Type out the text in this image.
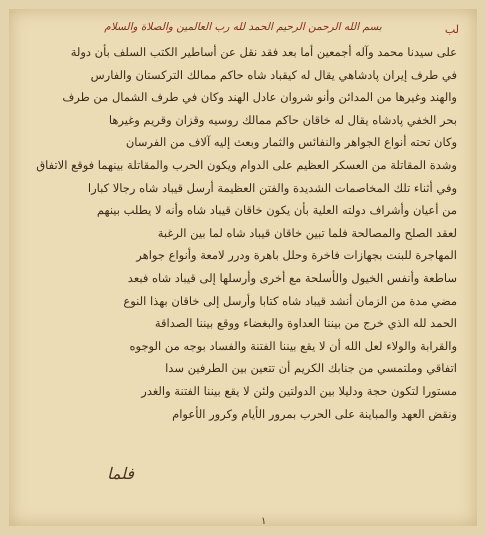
لب
بسم الله الرحمن الرحيم الحمد لله رب العالمين والصلاة والسلام
على سيدنا محمد وآله أجمعين أما بعد فقد نقل عن أساطير الكتب السلف بأن دولة
في طرف إيران پادشاهي يقال له كيقباد شاه حاكم ممالك التركستان والفارس
والهند وغيرها من المدائن وأنو شروان عادل الهند وكان في طرف الشمال من طرف
بحر الخفي پادشاه يقال له خاقان حاكم ممالك روسيه وقزان وقريم وغيرها
وكان تحته أنواع الجواهر والنفائس والثمار وبعث إليه آلاف من الفرسان
وشدة المقاتلة من العسكر العظيم على الدوام ويكون الحرب والمقاتلة بينهما فوقع الاتفاق
وفي أثناء تلك المخاصمات الشديدة والفتن العظيمة أرسل قيباد شاه رجالا كبارا
من أعيان وأشراف دولته العلية بأن يكون خاقان قيباد شاه وأنه لا يطلب بينهم
لعقد الصلح والمصالحة فلما تبين خاقان قيباد شاه لما بين الرغبة
المهاجرة للبنت بجهازات فاخرة وحلل باهرة ودرر لامعة وأنواع جواهر
ساطعة وأنفس الخيول والأسلحة مع أخرى وأرسلها إلى قيباد شاه فبعد
مضي مدة من الزمان أنشد قيباد شاه كتابا وأرسل إلى خاقان بهذا النوع
الحمد لله الذي خرج من بيننا العداوة والبغضاء ووقع بيننا الصداقة
والقرابة والولاء لعل الله أن لا يقع بيننا الفتنة والفساد بوجه من الوجوه
اتفاقي وملتمسي من جنابك الكريم أن تتعين بين الطرفين سدا
مستورا لتكون حجة ودليلا بين الدولتين ولئن لا يقع بيننا الفتنة والغدر
ونقض العهد والمباينة على الحرب بمرور الأيام وكرور الأعوام
فلما
١
